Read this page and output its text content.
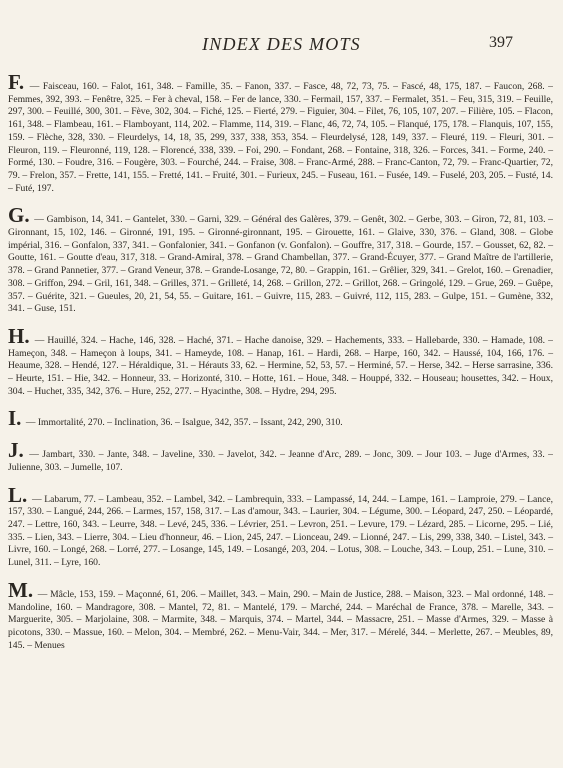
INDEX DES MOTS	397

F. — Faisceau, 160. – Falot, 161, 348. – Famille, 35. – Fanon, 337. – Fasce, 48, 72, 73, 75. – Fascé, 48, 175, 187. – Faucon, 268. – Femmes, 392, 393. – Fenêtre, 325. – Fer à cheval, 158. – Fer de lance, 330. – Fermail, 157, 337. – Fermalet, 351. – Feu, 315, 319. – Feuille, 297, 300. – Feuillé, 300, 301. – Fève, 302, 304. – Fiché, 125. – Fierté, 279. – Figuier, 304. – Filet, 76, 105, 107, 207. – Filière, 105. – Flacon, 161, 348. – Flambeau, 161. – Flamboyant, 114, 202. – Flamme, 114, 319. – Flanc, 46, 72, 74, 105. – Flanqué, 175, 178. – Flanquis, 107, 155, 159. – Flèche, 328, 330. – Fleurdelys, 14, 18, 35, 299, 337, 338, 353, 354. – Fleurdelysé, 128, 149, 337. – Fleuré, 119. – Fleuri, 301. – Fleuron, 119. – Fleuronné, 119, 128. – Florencé, 338, 339. – Foi, 290. – Fondant, 268. – Fontaine, 318, 326. – Forces, 341. – Forme, 240. – Formé, 130. – Foudre, 316. – Fougère, 303. – Fourché, 244. – Fraise, 308. – Franc-Armé, 288. – Franc-Canton, 72, 79. – Franc-Quartier, 72, 79. – Frelon, 357. – Frette, 141, 155. – Fretté, 141. – Fruité, 301. – Furieux, 245. – Fuseau, 161. – Fusée, 149. – Fuselé, 203, 205. – Fusté, 14. – Futé, 197.

G. — Gambison, 14, 341. – Gantelet, 330. – Garni, 329. – Général des Galères, 379. – Genêt, 302. – Gerbe, 303. – Giron, 72, 81, 103. – Gironnant, 15, 102, 146. – Gironné, 191, 195. – Gironné-gironnant, 195. – Girouette, 161. – Glaive, 330, 376. – Gland, 308. – Globe impérial, 316. – Gonfalon, 337, 341. – Gonfalonier, 341. – Gonfanon (v. Gonfalon). – Gouffre, 317, 318. – Gourde, 157. – Gousset, 62, 82. – Goutte, 161. – Goutte d'eau, 317, 318. – Grand-Amiral, 378. – Grand Chambellan, 377. – Grand-Écuyer, 377. – Grand Maître de l'artillerie, 378. – Grand Pannetier, 377. – Grand Veneur, 378. – Grande-Losange, 72, 80. – Grappin, 161. – Grêlier, 329, 341. – Grelot, 160. – Grenadier, 308. – Griffon, 294. – Gril, 161, 348. – Grilles, 371. – Grilleté, 14, 268. – Grillon, 272. – Grillot, 268. – Gringolé, 129. – Grue, 269. – Guêpe, 357. – Guérite, 321. – Gueules, 20, 21, 54, 55. – Guitare, 161. – Guivre, 115, 283. – Guivré, 112, 115, 283. – Gulpe, 151. – Gumène, 332, 341. – Guse, 151.

H. — Hauillé, 324. – Hache, 146, 328. – Haché, 371. – Hache danoise, 329. – Hachements, 333. – Hallebarde, 330. – Hamade, 108. – Hameçon, 348. – Hameçon à loups, 341. – Hameyde, 108. – Hanap, 161. – Hardi, 268. – Harpe, 160, 342. – Haussé, 104, 166, 176. – Heaume, 328. – Hendé, 127. – Héraldique, 31. – Hérauts 33, 62. – Hermine, 52, 53, 57. – Herminé, 57. – Herse, 342. – Herse sarrasine, 336. – Heurte, 151. – Hie, 342. – Honneur, 33. – Horizonté, 310. – Hotte, 161. – Houe, 348. – Houppé, 332. – Houseau; housettes, 342. – Houx, 304. – Huchet, 335, 342, 376. – Hure, 252, 277. – Hyacinthe, 308. – Hydre, 294, 295.

I. — Immortalité, 270. – Inclination, 36. – Isalgue, 342, 357. – Issant, 242, 290, 310.

J. — Jambart, 330. – Jante, 348. – Javeline, 330. – Javelot, 342. – Jeanne d'Arc, 289. – Jonc, 309. – Jour 103. – Juge d'Armes, 33. – Julienne, 303. – Jumelle, 107.

L. — Labarum, 77. – Lambeau, 352. – Lambel, 342. – Lambrequin, 333. – Lampassé, 14, 244. – Lampe, 161. – Lamproie, 279. – Lance, 157, 330. – Langué, 244, 266. – Larmes, 157, 158, 317. – Las d'amour, 343. – Laurier, 304. – Légume, 300. – Léopard, 247, 250. – Léopardé, 247. – Lettre, 160, 343. – Leurre, 348. – Levé, 245, 336. – Lévrier, 251. – Levron, 251. – Levure, 179. – Lézard, 285. – Licorne, 295. – Lié, 335. – Lien, 343. – Lierre, 304. – Lieu d'honneur, 46. – Lion, 245, 247. – Lionceau, 249. – Lionné, 247. – Lis, 299, 338, 340. – Listel, 343. – Livre, 160. – Longé, 268. – Lorré, 277. – Losange, 145, 149. – Losangé, 203, 204. – Lotus, 308. – Louche, 343. – Loup, 251. – Lune, 310. – Lunel, 311. – Lyre, 160.

M. — Mâcle, 153, 159. – Maçonné, 61, 206. – Maillet, 343. – Main, 290. – Main de Justice, 288. – Maison, 323. – Mal ordonné, 148. – Mandoline, 160. – Mandragore, 308. – Mantel, 72, 81. – Mantelé, 179. – Marché, 244. – Maréchal de France, 378. – Marelle, 343. – Marguerite, 305. – Marjolaine, 308. – Marmite, 348. – Marquis, 374. – Martel, 344. – Massacre, 251. – Masse d'Armes, 329. – Masse à picotons, 330. – Massue, 160. – Melon, 304. – Membré, 262. – Menu-Vair, 344. – Mer, 317. – Mérelé, 344. – Merlette, 267. – Meubles, 89, 145. – Menues
